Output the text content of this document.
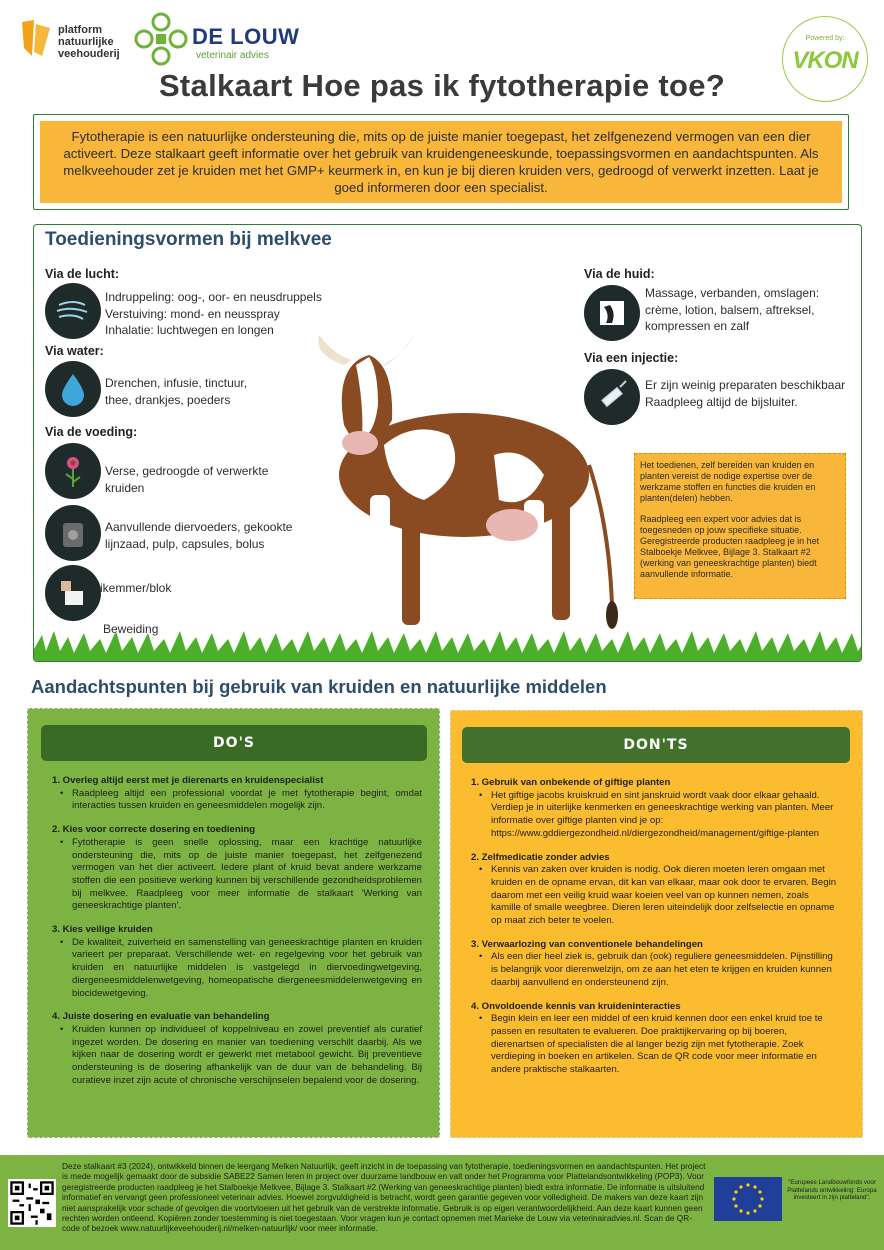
platform
natuurlijke
veehouderij
DE LOUW
veterinair advies
Powered by:
VKON
Stalkaart Hoe pas ik fytotherapie toe?
Fytotherapie is een natuurlijke ondersteuning die, mits op de juiste manier toegepast, het zelfgenezend vermogen van een dier activeert. Deze stalkaart geeft informatie over het gebruik van kruidengeneeskunde, toepassingsvormen en aandachtspunten. Als melkveehouder zet je kruiden met het GMP+ keurmerk in, en kun je bij dieren kruiden vers, gedroogd of verwerkt inzetten. Laat je goed informeren door een specialist.
Toedieningsvormen bij melkvee
Via de lucht:
Indruppeling: oog-, oor- en neusdruppels
Verstuiving: mond- en neusspray
Inhalatie: luchtwegen en longen
Via water:
Drenchen, infusie, tinctuur,
thee, drankjes, poeders
Via de voeding:
Verse, gedroogde of verwerkte
kruiden
Aanvullende diervoeders, gekookte
lijnzaad, pulp, capsules, bolus
ikemmer/blok
Beweiding
Via de huid:
Massage, verbanden, omslagen:
crème, lotion, balsem, aftreksel,
kompressen en zalf
Via een injectie:
Er zijn weinig preparaten beschikbaar
Raadpleeg altijd de bijsluiter.

Het toedienen, zelf bereiden van kruiden en planten vereist de nodige expertise over de werkzame stoffen en functies die kruiden en planten(delen) hebben.

Raadpleeg een expert voor advies dat is toegesneden op jouw specifieke situatie. Geregistreerde producten raadpleeg je in het Stalboekje Melkvee, Bijlage 3. Stalkaart #2 (werking van geneeskrachtige planten) biedt aanvullende informatie.

Aandachtspunten bij gebruik van kruiden en natuurlijke middelen
DO'S
1. Overleg altijd eerst met je dierenarts en kruidenspecialist
• Raadpleeg altijd een professional voordat je met fytotherapie begint, omdat interacties tussen kruiden en geneesmiddelen mogelijk zijn.
2. Kies voor correcte dosering en toediening
• Fytotherapie is geen snelle oplossing, maar een krachtige natuurlijke ondersteuning die, mits op de juiste manier toegepast, het zelfgenezend vermogen van het dier activeert. Iedere plant of kruid bevat andere werkzame stoffen die een positieve werking kunnen bij verschillende gezondheidsproblemen bij melkvee. Raadpleeg voor meer informatie de stalkaart 'Werking van geneeskrachtige planten'.
3. Kies veilige kruiden
• De kwaliteit, zuiverheid en samenstelling van geneeskrachtige planten en kruiden varieert per preparaat. Verschillende wet- en regelgeving voor het gebruik van kruiden en natuurlijke middelen is vastgelegd in diervoedingwetgeving, diergeneesmiddelenwetgeving, homeopatische diergeneesmiddelenwetgeving en biocidewetgeving.
4. Juiste dosering en evaluatie van behandeling
• Kruiden kunnen op individueel of koppelniveau en zowel preventief als curatief ingezet worden. De dosering en manier van toediening verschilt daarbij. Als we kijken naar de dosering wordt er gewerkt met metabool gewicht. Bij preventieve ondersteuning is de dosering afhankelijk van de duur van de behandeling. Bij curatieve inzet zijn acute of chronische verschijnselen bepalend voor de dosering.
DON'TS
1. Gebruik van onbekende of giftige planten
• Het giftige jacobs kruiskruid en sint janskruid wordt vaak door elkaar gehaald. Verdiep je in uiterlijke kenmerken en geneeskrachtige werking van planten. Meer informatie over giftige planten vind je op: https://www.gddiergezondheid.nl/diergezondheid/management/giftige-planten
2. Zelfmedicatie zonder advies
• Kennis van zaken over kruiden is nodig. Ook dieren moeten leren omgaan met kruiden en de opname ervan, dit kan van elkaar, maar ook door te ervaren. Begin daarom met een veilig kruid waar koeien veel van op kunnen nemen, zoals kamille of smalle weegbree. Dieren leren uiteindelijk door zelfselectie en opname op maat zich beter te voelen.
3. Verwaarlozing van conventionele behandelingen
• Als een dier heel ziek is, gebruik dan (ook) reguliere geneesmiddelen. Pijnstilling is belangrijk voor dierenwelzijn, om ze aan het eten te krijgen en kruiden kunnen daarbij aanvullend en ondersteunend zijn.
4. Onvoldoende kennis van kruideninteracties
• Begin klein en leer een middel of een kruid kennen door een enkel kruid toe te passen en resultaten te evalueren. Doe praktijkervaring op bij boeren, dierenartsen of specialisten die al langer bezig zijn met fytotherapie. Zoek verdieping in boeken en artikelen. Scan de QR code voor meer informatie en andere praktische stalkaarten.
Deze stalkaart #3 (2024), ontwikkeld binnen de leergang Melken Natuurlijk, geeft inzicht in de toepassing van fytotherapie, toedieningsvormen en aandachtspunten. Het project is mede mogelijk gemaakt door de subsidie SABE22 Samen leren in project over duurzame landbouw en valt onder het Programma voor Plattelandsontwikkeling (POP3). Voor geregistreerde producten raadpleeg je het Stalboekje Melkvee, Bijlage 3. Stalkaart #2 (Werking van geneeskrachtige planten) biedt extra informatie. De informatie is uitsluitend informatief en vervangt geen professioneel veterinair advies. Hoewel zorgvuldigheid is betracht, wordt geen garantie gegeven voor volledigheid. De makers van deze kaart zijn niet aansprakelijk voor schade of gevolgen die voortvloeien uit het gebruik van de verstrekte informatie. Gebruik is op eigen verantwoordelijkheid. Aan deze kaart kunnen geen rechten worden ontleend. Kopiëren zonder toestemming is niet toegestaan. Voor vragen kun je contact opnemen met Marieke de Louw via veterinairadvies.nl. Scan de QR-code of bezoek www.natuurlijkeveehouderij.nl/melken-natuurlijk/ voor meer informatie.
"Europees Landbouwfonds voor Plattelands ontwikkeling: Europa investeert in zijn platteland".
